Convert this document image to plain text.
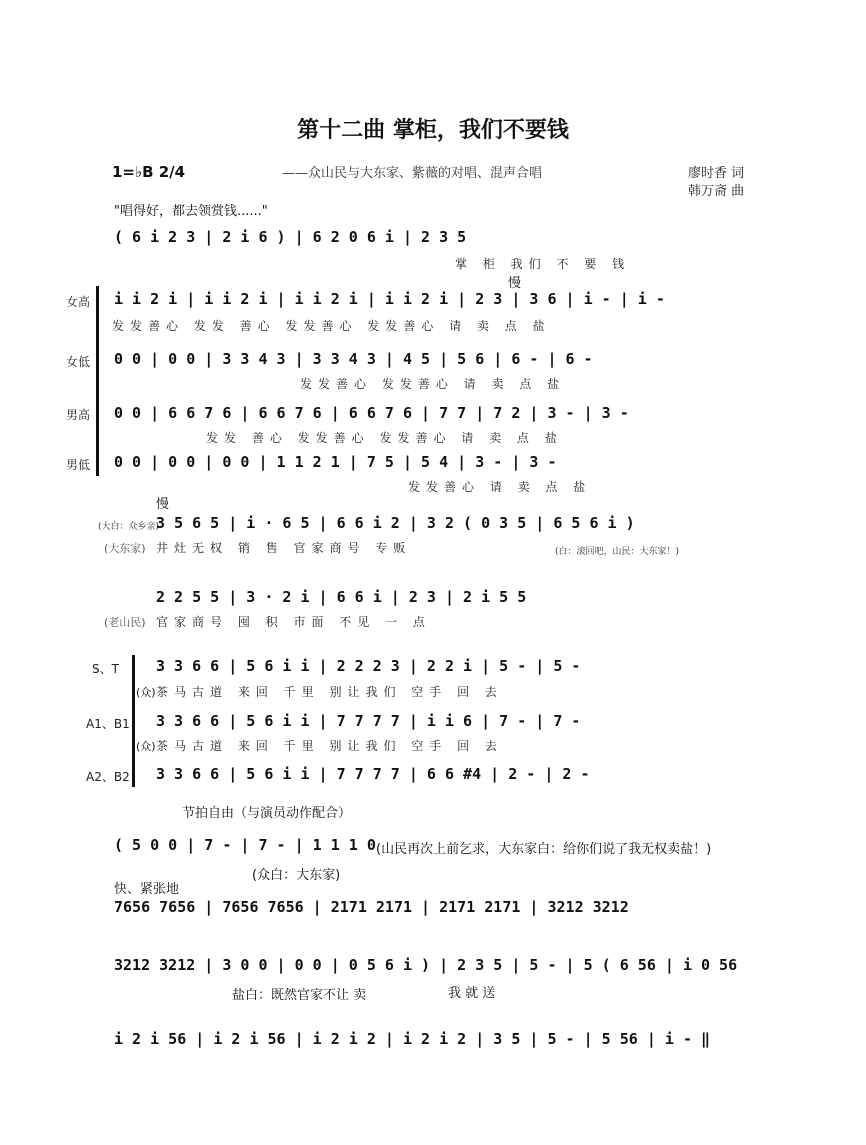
第十二曲 掌柜，我们不要钱
1=♭B 2/4	——众山民与大东家、紫薇的对唱、混声合唱	廖时香 词
韩万斋 曲
"唱得好，都去领赏钱......"
( 6 i 2 3 | 2 i 6 ) | 6 2 0 6 i | 2 3 5
掌 柜 我们 不 要 钱
慢
女高 i i 2 i | i i 2 i | i i 2 i | i i 2 i | 2 3 | 3 6 | i - | i -
发发善心 发发 善心 发发善心 发发善心 请 卖 点 盐
女低 0 0 | 0 0 | 3 3 4 3 | 3 3 4 3 | 4 5 | 5 6 | 6 - | 6 -
发发善心 发发善心 请 卖 点 盐
男高 0 0 | 6 6 7 6 | 6 6 7 6 | 6 6 7 6 | 7 7 | 7 2 | 3 - | 3 -
发发 善心 发发善心 发发善心 请 卖 点 盐
男低 0 0 | 0 0 | 0 0 | 1 1 2 1 | 7 5 | 5 4 | 3 - | 3 -
发发善心 请 卖 点 盐
慢
(大白：众乡亲)
3 5 6 5 | i · 6 5 | 6 6 i 2 | 3 2 ( 0 3 5 | 6 5 6 i )
(大东家) 井灶无权 销 售 官家商号 专贩	(白：滚回吧，山民：大东家！)
2 2 5 5 | 3 · 2 i | 6 6 i | 2 3 | 2 i 5 5
(老山民) 官家商号 囤 积 市面 不见 一 点
S、T 3 3 6 6 | 5 6 i i | 2 2 2 3 | 2 2 i | 5 - | 5 -
(众) 茶马古道 来回 千里 别让我们 空手 回 去
A1、B1 3 3 6 6 | 5 6 i i | 7 7 7 7 | i i 6 | 7 - | 7 -
(众) 茶马古道 来回 千里 别让我们 空手 回 去
A2、B2 3 3 6 6 | 5 6 i i | 7 7 7 7 | 6 6 #4 | 2 - | 2 -
节拍自由（与演员动作配合）
( 5 0 0 | 7 - | 7 - | 1 1 1 0 (山民再次上前乞求，大东家白：给你们说了我无权卖盐！)
(众白：大东家)
快、紧张地
7656 7656 | 7656 7656 | 2171 2171 | 2171 2171 | 3212 3212
3212 3212 | 3 0 0 | 0 0 | 0 5 6 i ) | 2 3 5 | 5 - | 5 ( 6 56 | i 0 56
盐白：既然官家不让 卖	我 就 送
i 2 i 56 | i 2 i 56 | i 2 i 2 | i 2 i 2 | 3 5 | 5 - | 5 56 | i - ‖
